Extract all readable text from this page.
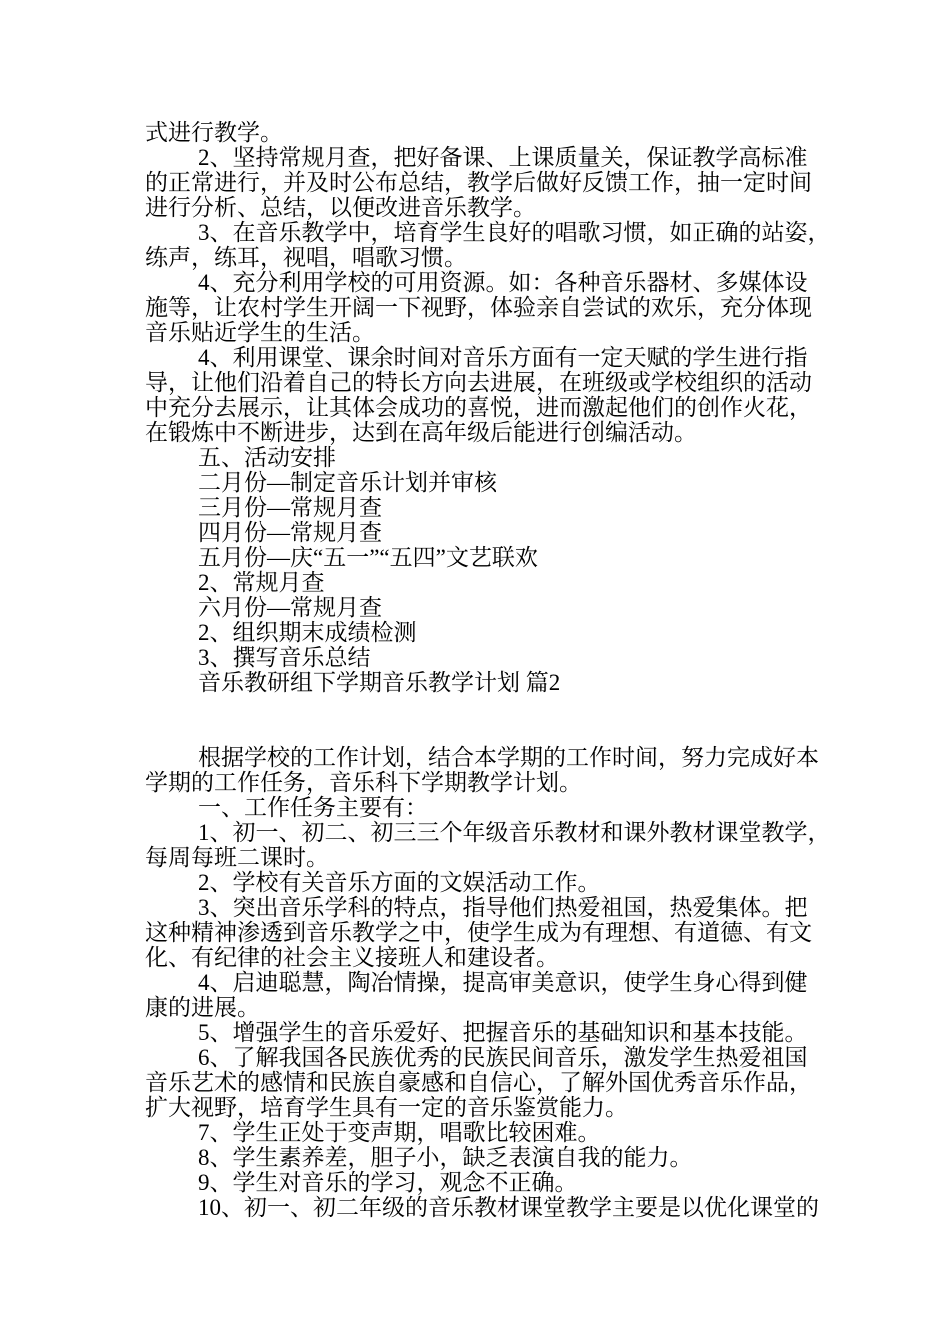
式进行教学。
2、坚持常规月查，把好备课、上课质量关，保证教学高标准
的正常进行，并及时公布总结，教学后做好反馈工作，抽一定时间
进行分析、总结，以便改进音乐教学。
3、在音乐教学中，培育学生良好的唱歌习惯，如正确的站姿，
练声，练耳，视唱，唱歌习惯。
4、充分利用学校的可用资源。如：各种音乐器材、多媒体设
施等，让农村学生开阔一下视野，体验亲自尝试的欢乐，充分体现
音乐贴近学生的生活。
4、利用课堂、课余时间对音乐方面有一定天赋的学生进行指
导，让他们沿着自己的特长方向去进展，在班级或学校组织的活动
中充分去展示，让其体会成功的喜悦，进而激起他们的创作火花，
在锻炼中不断进步，达到在高年级后能进行创编活动。
五、活动安排
二月份—制定音乐计划并审核
三月份—常规月查
四月份—常规月查
五月份—庆“五一”“五四”文艺联欢
2、常规月查
六月份—常规月查
2、组织期末成绩检测
3、撰写音乐总结
音乐教研组下学期音乐教学计划 篇2
根据学校的工作计划，结合本学期的工作时间，努力完成好本
学期的工作任务，音乐科下学期教学计划。
一、工作任务主要有：
1、初一、初二、初三三个年级音乐教材和课外教材课堂教学，
每周每班二课时。
2、学校有关音乐方面的文娱活动工作。
3、突出音乐学科的特点，指导他们热爱祖国，热爱集体。把
这种精神渗透到音乐教学之中，使学生成为有理想、有道德、有文
化、有纪律的社会主义接班人和建设者。
4、启迪聪慧，陶冶情操，提高审美意识，使学生身心得到健
康的进展。
5、增强学生的音乐爱好、把握音乐的基础知识和基本技能。
6、了解我国各民族优秀的民族民间音乐，激发学生热爱祖国
音乐艺术的感情和民族自豪感和自信心，了解外国优秀音乐作品，
扩大视野，培育学生具有一定的音乐鉴赏能力。
7、学生正处于变声期，唱歌比较困难。
8、学生素养差，胆子小，缺乏表演自我的能力。
9、学生对音乐的学习，观念不正确。
10、初一、初二年级的音乐教材课堂教学主要是以优化课堂的
